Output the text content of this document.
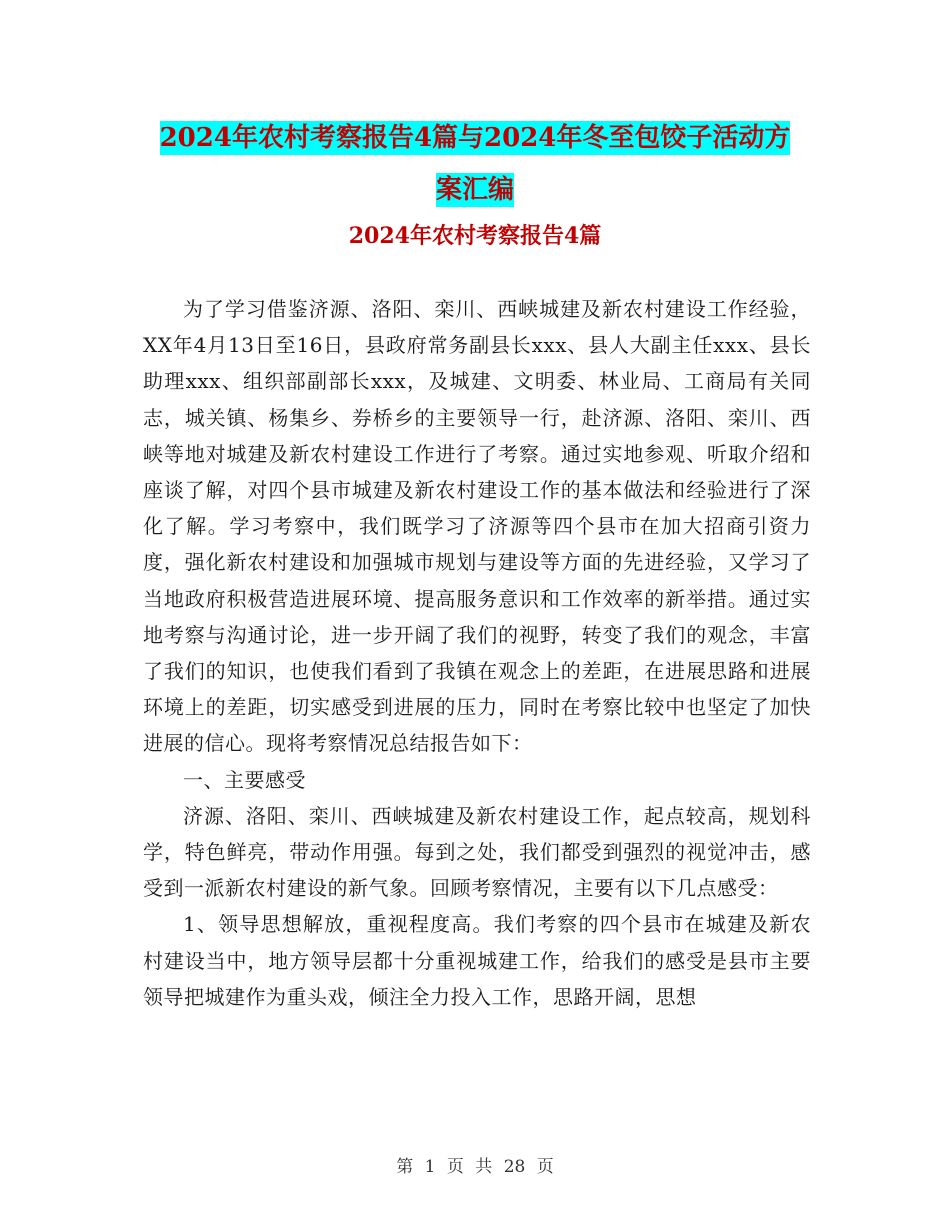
2024年农村考察报告4篇与2024年冬至包饺子活动方
案汇编
2024年农村考察报告4篇

为了学习借鉴济源、洛阳、栾川、西峡城建及新农村建设工作经验，XX年4月13日至16日，县政府常务副县长xxx、县人大副主任xxx、县长助理xxx、组织部副部长xxx，及城建、文明委、林业局、工商局有关同志，城关镇、杨集乡、券桥乡的主要领导一行，赴济源、洛阳、栾川、西峡等地对城建及新农村建设工作进行了考察。通过实地参观、听取介绍和座谈了解，对四个县市城建及新农村建设工作的基本做法和经验进行了深化了解。学习考察中，我们既学习了济源等四个县市在加大招商引资力度，强化新农村建设和加强城市规划与建设等方面的先进经验，又学习了当地政府积极营造进展环境、提高服务意识和工作效率的新举措。通过实地考察与沟通讨论，进一步开阔了我们的视野，转变了我们的观念，丰富了我们的知识，也使我们看到了我镇在观念上的差距，在进展思路和进展环境上的差距，切实感受到进展的压力，同时在考察比较中也坚定了加快进展的信心。现将考察情况总结报告如下：

一、主要感受

济源、洛阳、栾川、西峡城建及新农村建设工作，起点较高，规划科学，特色鲜亮，带动作用强。每到之处，我们都受到强烈的视觉冲击，感受到一派新农村建设的新气象。回顾考察情况，主要有以下几点感受：

1、领导思想解放，重视程度高。我们考察的四个县市在城建及新农村建设当中，地方领导层都十分重视城建工作，给我们的感受是县市主要领导把城建作为重头戏，倾注全力投入工作，思路开阔，思想

第 1 页 共 28 页
